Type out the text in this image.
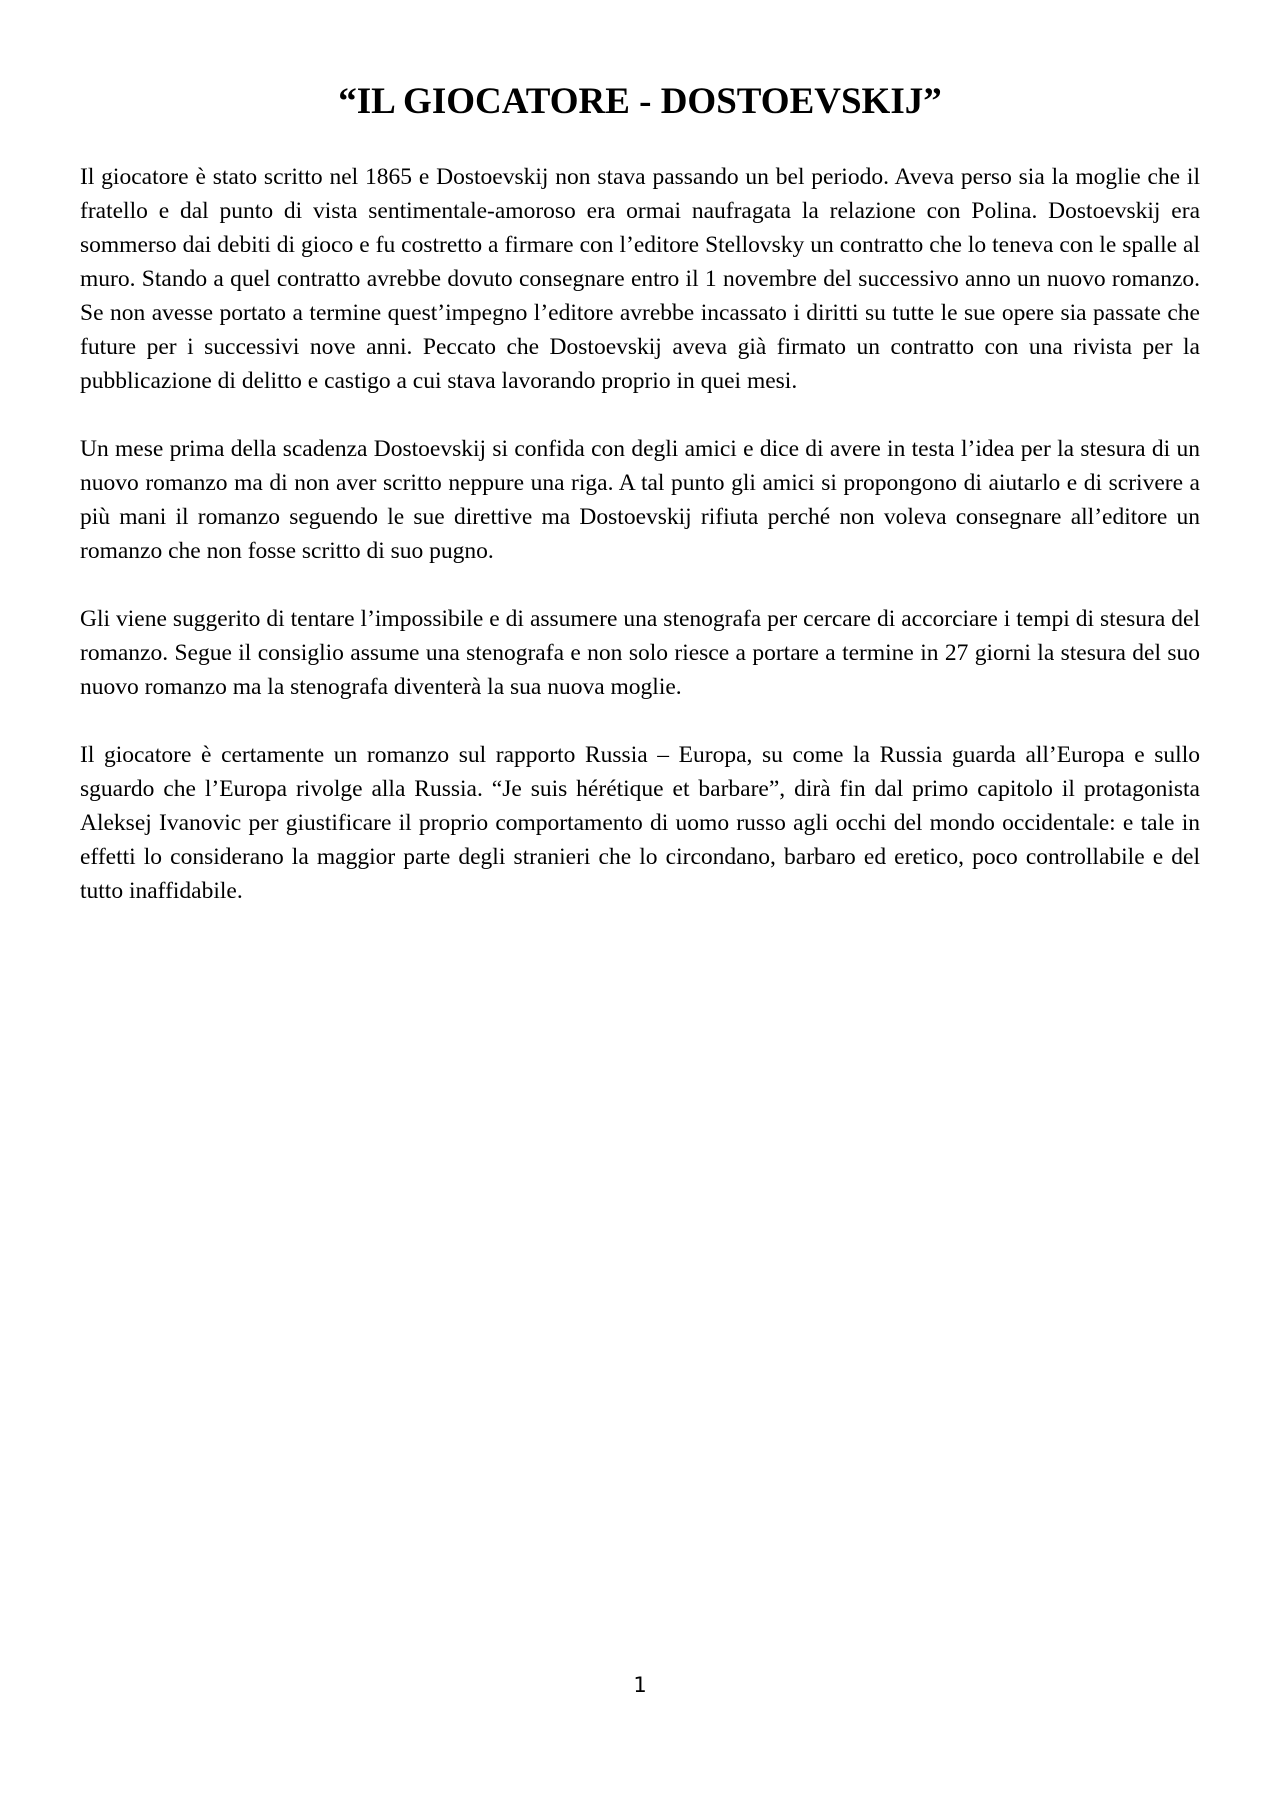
“IL GIOCATORE - DOSTOEVSKIJ”

Il giocatore è stato scritto nel 1865 e Dostoevskij non stava passando un bel periodo. Aveva perso sia la moglie che il fratello e dal punto di vista sentimentale-amoroso era ormai naufragata la relazione con Polina. Dostoevskij era sommerso dai debiti di gioco e fu costretto a firmare con l’editore Stellovsky un contratto che lo teneva con le spalle al muro. Stando a quel contratto avrebbe dovuto consegnare entro il 1 novembre del successivo anno un nuovo romanzo. Se non avesse portato a termine quest’impegno l’editore avrebbe incassato i diritti su tutte le sue opere sia passate che future per i successivi nove anni. Peccato che Dostoevskij aveva già firmato un contratto con una rivista per la pubblicazione di delitto e castigo a cui stava lavorando proprio in quei mesi.

Un mese prima della scadenza Dostoevskij si confida con degli amici e dice di avere in testa l’idea per la stesura di un nuovo romanzo ma di non aver scritto neppure una riga. A tal punto gli amici si propongono di aiutarlo e di scrivere a più mani il romanzo seguendo le sue direttive ma Dostoevskij rifiuta perché non voleva consegnare all’editore un romanzo che non fosse scritto di suo pugno.

Gli viene suggerito di tentare l’impossibile e di assumere una stenografa per cercare di accorciare i tempi di stesura del romanzo. Segue il consiglio assume una stenografa e non solo riesce a portare a termine in 27 giorni la stesura del suo nuovo romanzo ma la stenografa diventerà la sua nuova moglie.

Il giocatore è certamente un romanzo sul rapporto Russia – Europa, su come la Russia guarda all’Europa e sullo sguardo che l’Europa rivolge alla Russia. “Je suis hérétique et barbare”, dirà fin dal primo capitolo il protagonista Aleksej Ivanovic per giustificare il proprio comportamento di uomo russo agli occhi del mondo occidentale: e tale in effetti lo considerano la maggior parte degli stranieri che lo circondano, barbaro ed eretico, poco controllabile e del tutto inaffidabile.

1
